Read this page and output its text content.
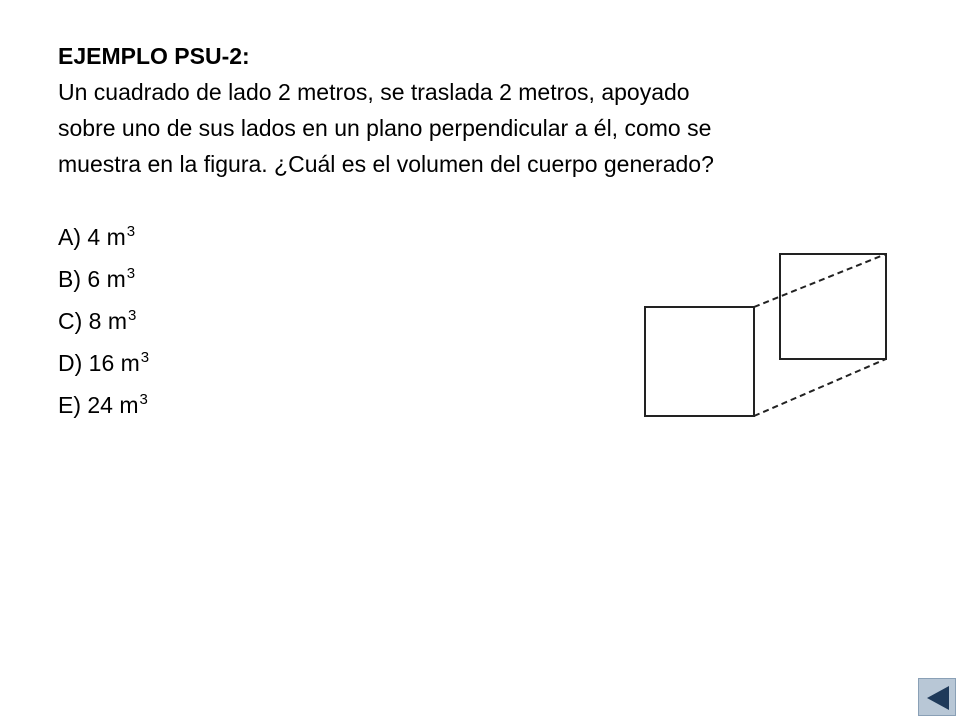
EJEMPLO PSU-2:
Un cuadrado de lado 2 metros, se traslada 2 metros, apoyado
sobre uno de sus lados en un plano perpendicular a él, como se
muestra en la figura. ¿Cuál es el volumen del cuerpo generado?
A) 4 $m^3$
B) 6 $m^3$
C) 8 $m^3$
D) 16 $m^3$
E) 24 $m^3$
